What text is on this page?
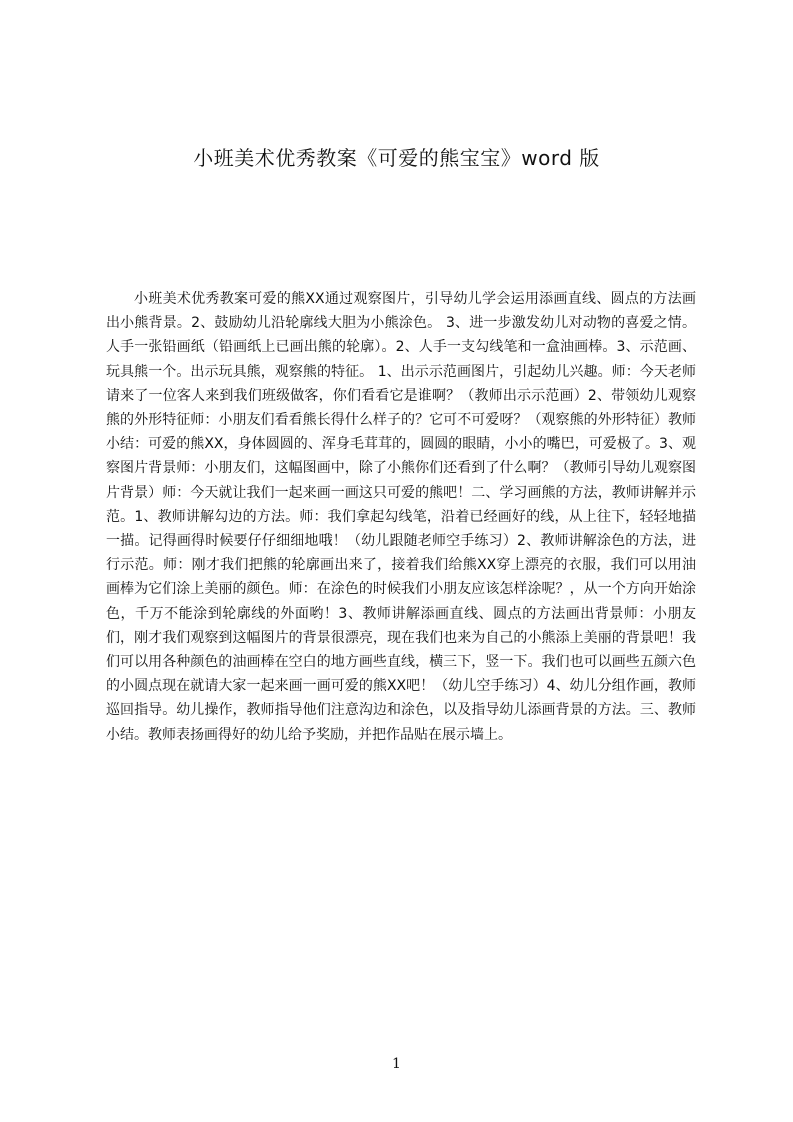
小班美术优秀教案《可爱的熊宝宝》word 版
小班美术优秀教案可爱的熊XX通过观察图片，引导幼儿学会运用添画直线、圆点的方法画出小熊背景。2、鼓励幼儿沿轮廓线大胆为小熊涂色。 3、进一步激发幼儿对动物的喜爱之情。人手一张铅画纸（铅画纸上已画出熊的轮廓）。2、人手一支勾线笔和一盒油画棒。3、示范画、玩具熊一个。出示玩具熊，观察熊的特征。 1、出示示范画图片，引起幼儿兴趣。师：今天老师请来了一位客人来到我们班级做客，你们看看它是谁啊？（教师出示示范画）2、带领幼儿观察熊的外形特征师：小朋友们看看熊长得什么样子的？它可不可爱呀？（观察熊的外形特征）教师小结：可爱的熊XX，身体圆圆的、浑身毛茸茸的，圆圆的眼睛，小小的嘴巴，可爱极了。3、观察图片背景师：小朋友们，这幅图画中，除了小熊你们还看到了什么啊？（教师引导幼儿观察图片背景）师：今天就让我们一起来画一画这只可爱的熊吧！二、学习画熊的方法，教师讲解并示范。1、教师讲解勾边的方法。师：我们拿起勾线笔，沿着已经画好的线，从上往下，轻轻地描一描。记得画得时候要仔仔细细地哦！（幼儿跟随老师空手练习）2、教师讲解涂色的方法，进行示范。师：刚才我们把熊的轮廓画出来了，接着我们给熊XX穿上漂亮的衣服，我们可以用油画棒为它们涂上美丽的颜色。师：在涂色的时候我们小朋友应该怎样涂呢？，从一个方向开始涂色，千万不能涂到轮廓线的外面哟！3、教师讲解添画直线、圆点的方法画出背景师：小朋友们，刚才我们观察到这幅图片的背景很漂亮，现在我们也来为自己的小熊添上美丽的背景吧！我们可以用各种颜色的油画棒在空白的地方画些直线，横三下，竖一下。我们也可以画些五颜六色的小圆点现在就请大家一起来画一画可爱的熊XX吧！（幼儿空手练习）4、幼儿分组作画，教师巡回指导。幼儿操作，教师指导他们注意沟边和涂色，以及指导幼儿添画背景的方法。三、教师小结。教师表扬画得好的幼儿给予奖励，并把作品贴在展示墙上。
1
